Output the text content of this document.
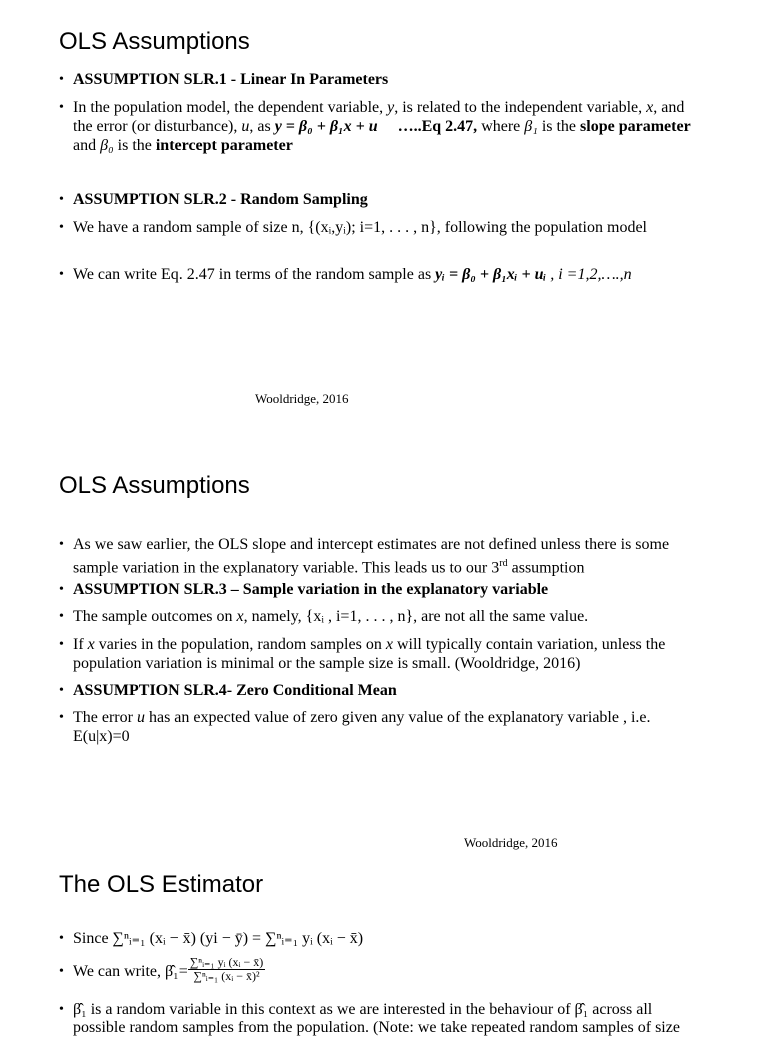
OLS Assumptions
• ASSUMPTION SLR.1 - Linear In Parameters
• In the population model, the dependent variable, y, is related to the independent variable, x, and the error (or disturbance), u, as y = β₀ + β₁x + u …..Eq 2.47, where β₁ is the slope parameter and β₀ is the intercept parameter
• ASSUMPTION SLR.2 - Random Sampling
• We have a random sample of size n, {(xᵢ,yᵢ); i=1, . . . , n}, following the population model
• We can write Eq. 2.47 in terms of the random sample as yᵢ = β₀ + β₁xᵢ + uᵢ , i =1,2,….,n
Wooldridge, 2016
OLS Assumptions
• As we saw earlier, the OLS slope and intercept estimates are not defined unless there is some sample variation in the explanatory variable. This leads us to our 3rd assumption
• ASSUMPTION SLR.3 – Sample variation in the explanatory variable
• The sample outcomes on x, namely, {xᵢ , i=1, . . . , n}, are not all the same value.
• If x varies in the population, random samples on x will typically contain variation, unless the population variation is minimal or the sample size is small. (Wooldridge, 2016)
• ASSUMPTION SLR.4- Zero Conditional Mean
• The error u has an expected value of zero given any value of the explanatory variable , i.e. E(u|x)=0
Wooldridge, 2016
The OLS Estimator
• Since ∑ⁿᵢ₌₁ (xᵢ − x̄) (yi − ȳ) = ∑ⁿᵢ₌₁ yᵢ (xᵢ − x̄)
• We can write, β̂₁= $\frac{\text{∑ⁿᵢ₌₁ yᵢ (xᵢ − x̄)}}{\text{∑ⁿᵢ₌₁ (xᵢ − x̄)²}}$
• β̂₁ is a random variable in this context as we are interested in the behaviour of β̂₁ across all
possible random samples from the population. (Note: we take repeated random samples of size
